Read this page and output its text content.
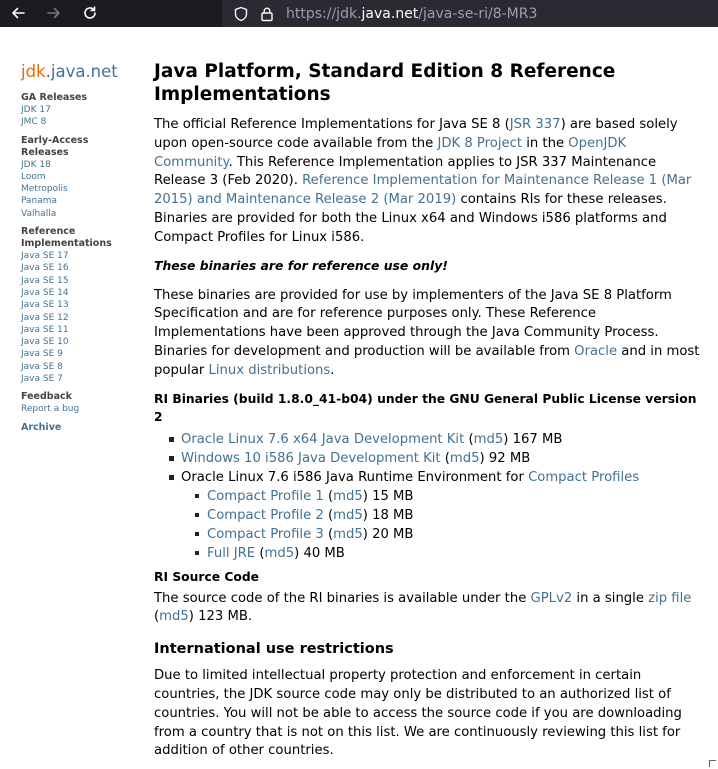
https://jdk.java.net/java-se-ri/8-MR3
jdk.java.net
GA Releases
JDK 17
JMC 8
Early-Access Releases
JDK 18
Loom
Metropolis
Panama
Valhalla
Reference Implementations
Java SE 17
Java SE 16
Java SE 15
Java SE 14
Java SE 13
Java SE 12
Java SE 11
Java SE 10
Java SE 9
Java SE 8
Java SE 7
Feedback
Report a bug
Archive
Java Platform, Standard Edition 8 Reference Implementations

The official Reference Implementations for Java SE 8 (JSR 337) are based solely upon open-source code available from the JDK 8 Project in the OpenJDK Community. This Reference Implementation applies to JSR 337 Maintenance Release 3 (Feb 2020). Reference Implementation for Maintenance Release 1 (Mar 2015) and Maintenance Release 2 (Mar 2019) contains RIs for these releases. Binaries are provided for both the Linux x64 and Windows i586 platforms and Compact Profiles for Linux i586.

These binaries are for reference use only!

These binaries are provided for use by implementers of the Java SE 8 Platform Specification and are for reference purposes only. These Reference Implementations have been approved through the Java Community Process. Binaries for development and production will be available from Oracle and in most popular Linux distributions.

RI Binaries (build 1.8.0_41-b04) under the GNU General Public License version 2
Oracle Linux 7.6 x64 Java Development Kit (md5) 167 MB
Windows 10 i586 Java Development Kit (md5) 92 MB
Oracle Linux 7.6 i586 Java Runtime Environment for Compact Profiles
Compact Profile 1 (md5) 15 MB
Compact Profile 2 (md5) 18 MB
Compact Profile 3 (md5) 20 MB
Full JRE (md5) 40 MB
RI Source Code

The source code of the RI binaries is available under the GPLv2 in a single zip file (md5) 123 MB.

International use restrictions

Due to limited intellectual property protection and enforcement in certain countries, the JDK source code may only be distributed to an authorized list of countries. You will not be able to access the source code if you are downloading from a country that is not on this list. We are continuously reviewing this list for addition of other countries.
